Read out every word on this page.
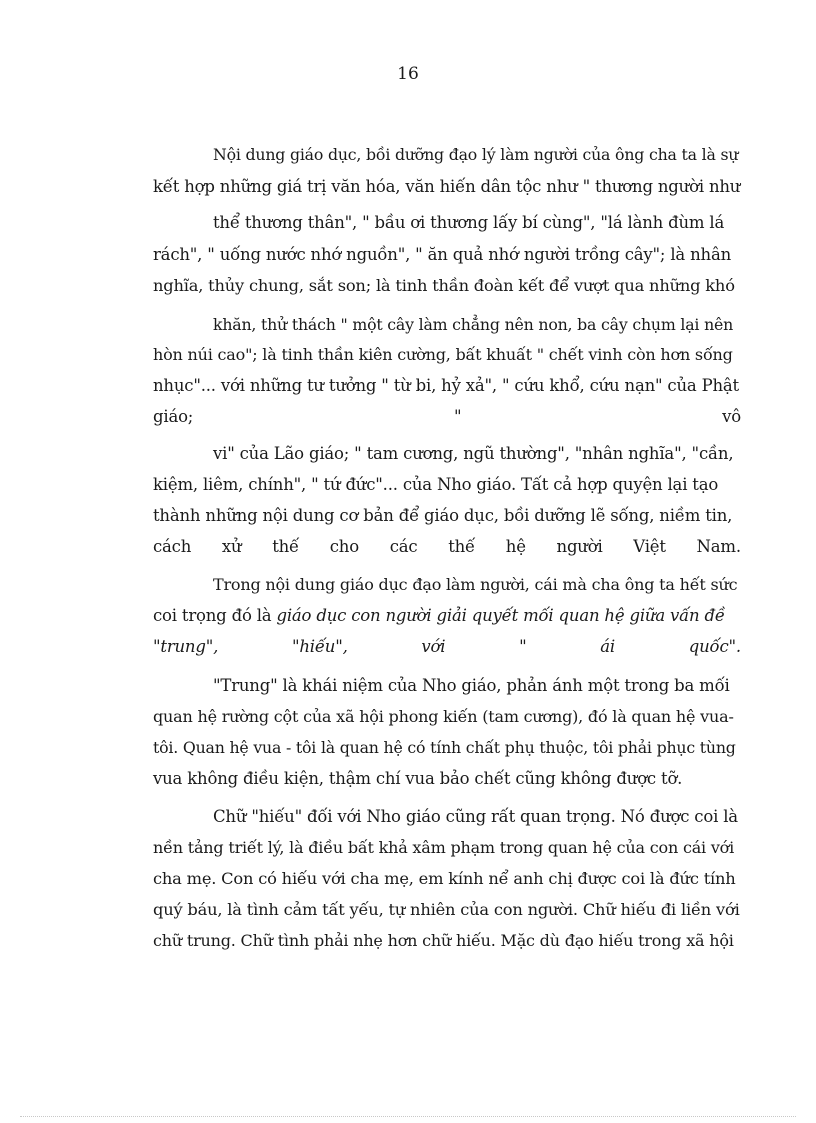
16
Nội dung giáo dục, bồi dưỡng đạo lý làm người của ông cha ta là sự
kết hợp những giá trị văn hóa, văn hiến dân tộc như " thương người như
thể thương thân", " bầu ơi thương lấy bí cùng", "lá lành đùm lá
rách", " uống nước nhớ nguồn", " ăn quả nhớ người trồng cây"; là nhân
nghĩa, thủy chung, sắt son; là tinh thần đoàn kết để vượt qua những khó
khăn, thử thách " một cây làm chẳng nên non, ba cây chụm lại nên
hòn núi cao"; là tinh thần kiên cường, bất khuất " chết vinh còn hơn sống
nhục"... với những tư tưởng " từ bi, hỷ xả", " cứu khổ, cứu nạn" của Phật
giáo;	"	vô
vi" của Lão giáo; " tam cương, ngũ thường", "nhân nghĩa", "cần,
kiệm, liêm, chính", " tứ đức"... của Nho giáo. Tất cả hợp quyện lại tạo
thành những nội dung cơ bản để giáo dục, bồi dưỡng lẽ sống, niềm tin,
cách xử thế cho các thế hệ người Việt Nam.
Trong nội dung giáo dục đạo làm người, cái mà cha ông ta hết sức
coi trọng đó là giáo dục con người giải quyết mối quan hệ giữa vấn đề
"trung",	"hiếu",	với	"	ái	quốc".
"Trung" là khái niệm của Nho giáo, phản ánh một trong ba mối
quan hệ rường cột của xã hội phong kiến (tam cương), đó là quan hệ vua-
tôi. Quan hệ vua - tôi là quan hệ có tính chất phụ thuộc, tôi phải phục tùng
vua không điều kiện, thậm chí vua bảo chết cũng không được tỡ.
Chữ "hiếu" đối với Nho giáo cũng rất quan trọng. Nó được coi là
nền tảng triết lý, là điều bất khả xâm phạm trong quan hệ của con cái với
cha mẹ. Con có hiếu với cha mẹ, em kính nể anh chị được coi là đức tính
quý báu, là tình cảm tất yếu, tự nhiên của con người. Chữ hiếu đi liền với
chữ trung. Chữ tình phải nhẹ hơn chữ hiếu. Mặc dù đạo hiếu trong xã hội
